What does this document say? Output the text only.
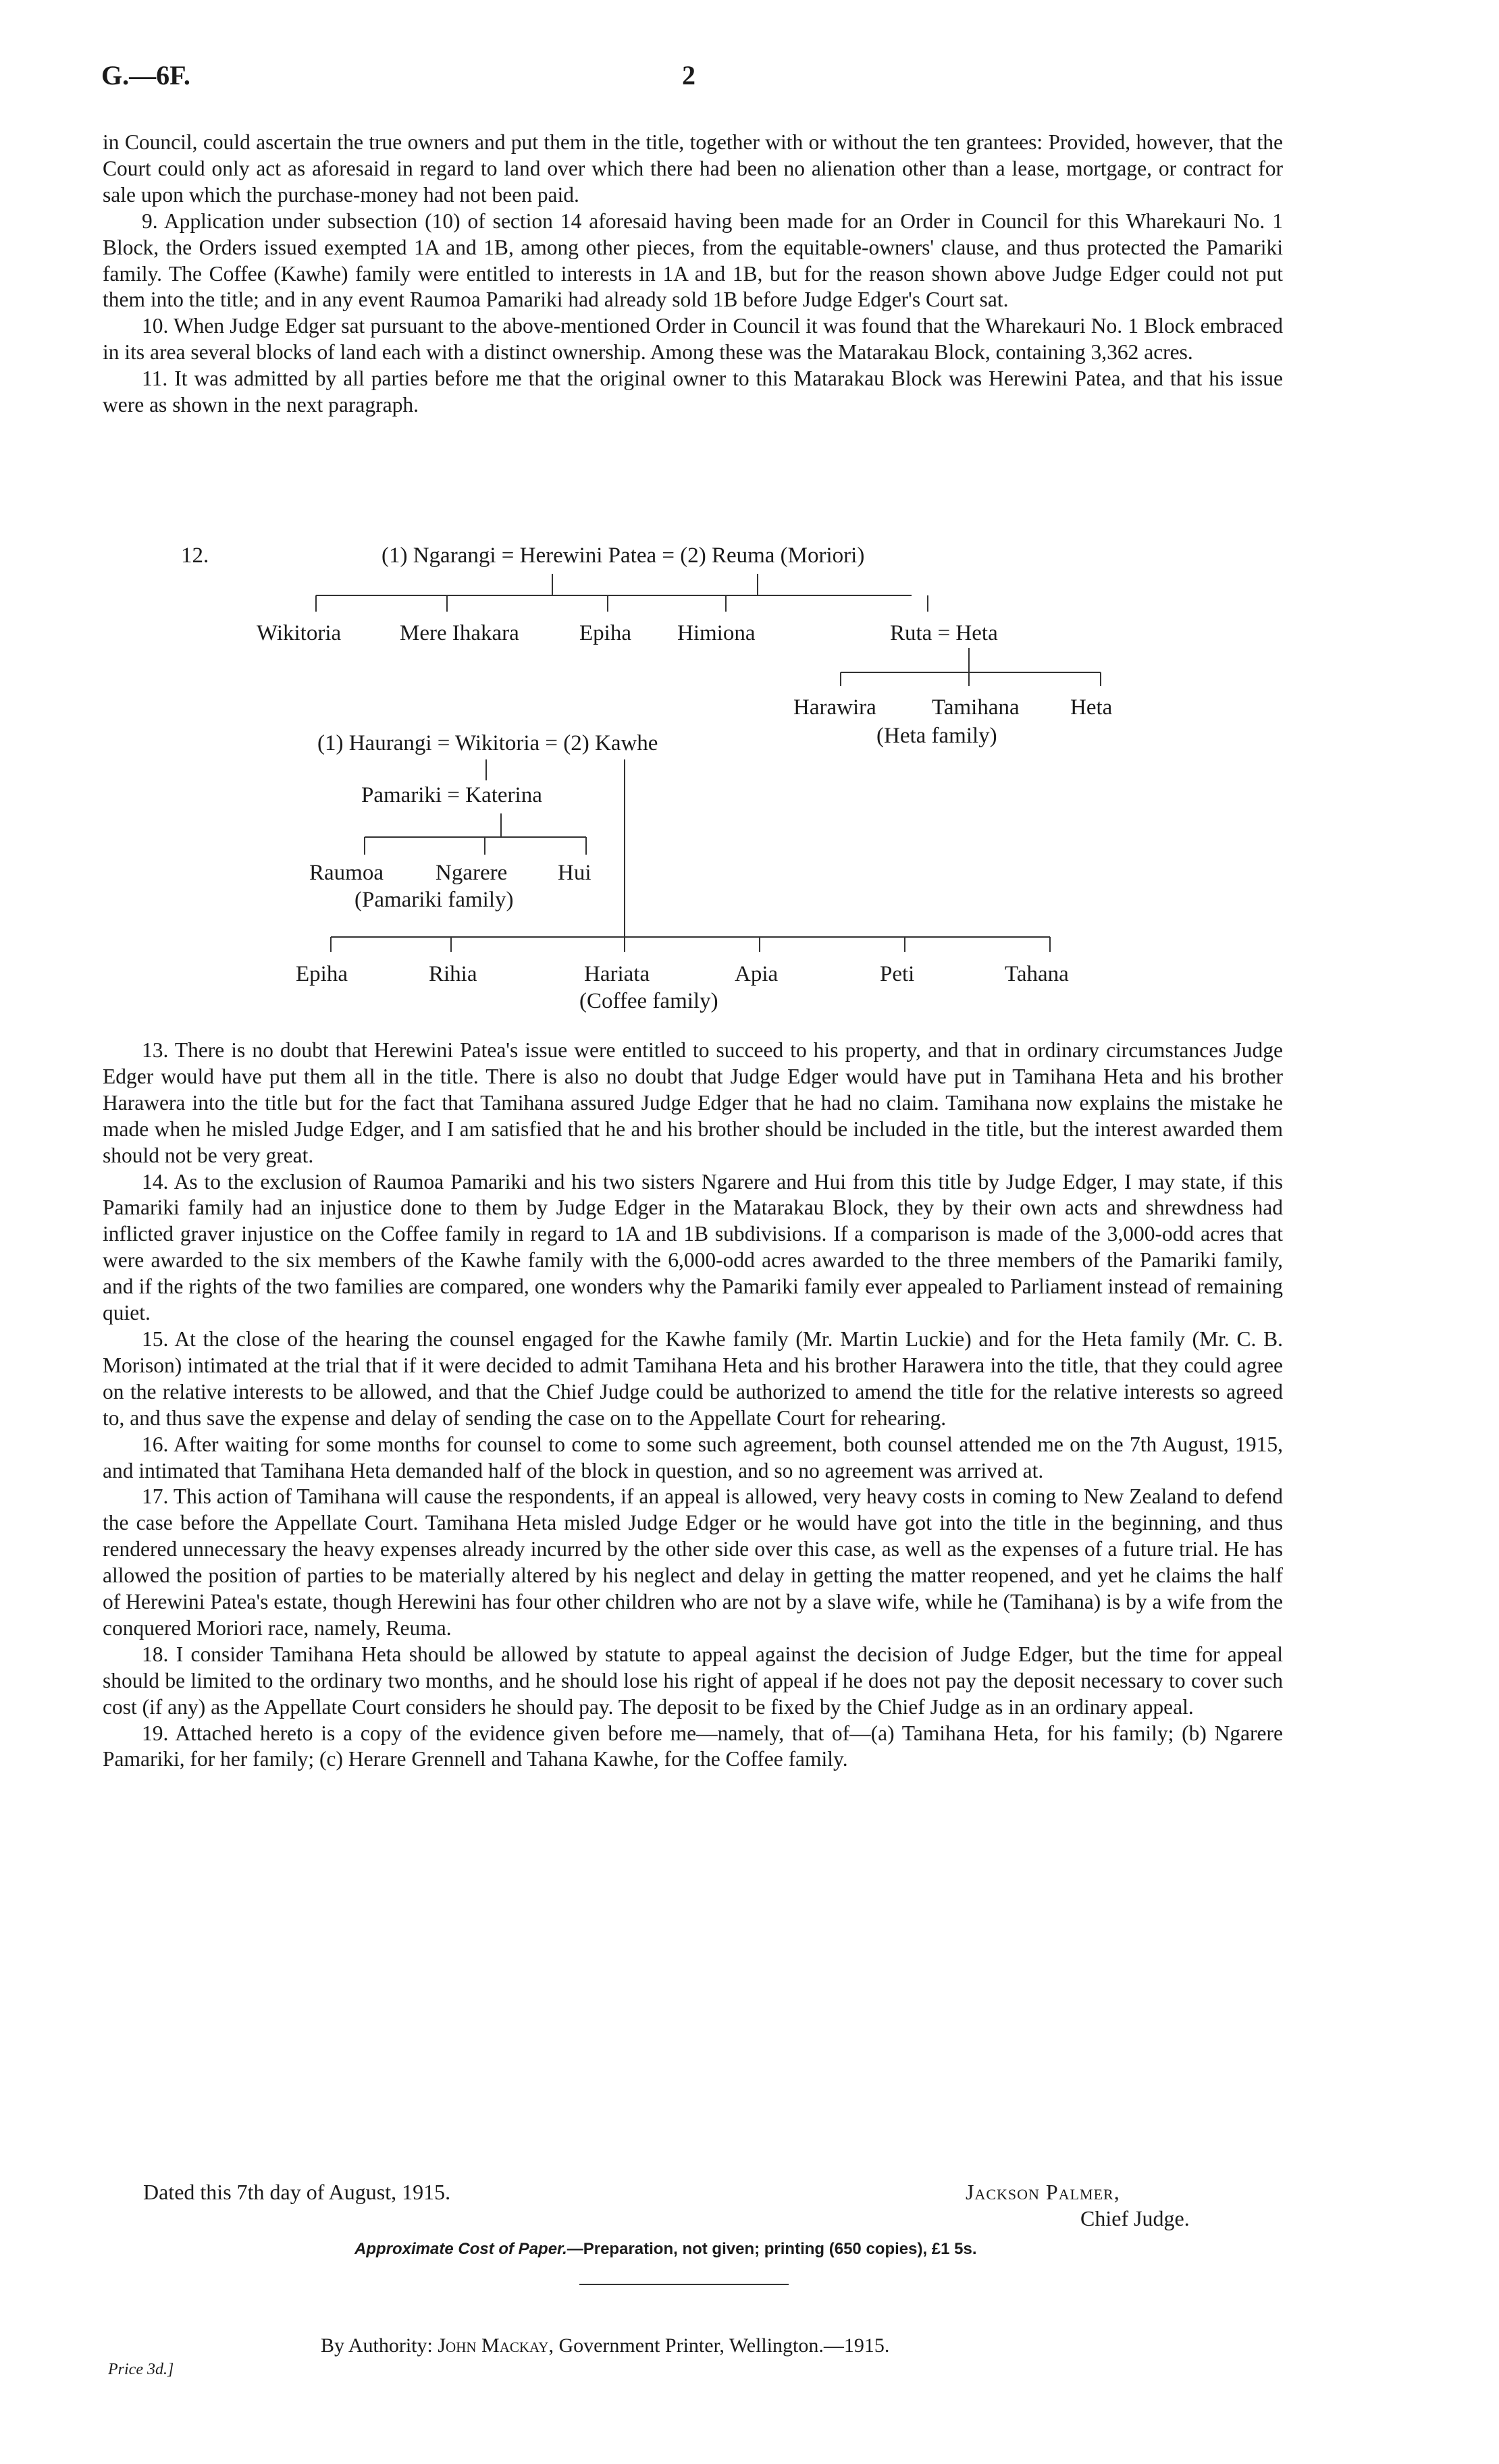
G.—6F.	2

in Council, could ascertain the true owners and put them in the title, together with or without the ten grantees: Provided, however, that the Court could only act as aforesaid in regard to land over which there had been no alienation other than a lease, mortgage, or contract for sale upon which the purchase-money had not been paid.

9. Application under subsection (10) of section 14 aforesaid having been made for an Order in Council for this Wharekauri No. 1 Block, the Orders issued exempted 1A and 1B, among other pieces, from the equitable-owners' clause, and thus protected the Pamariki family. The Coffee (Kawhe) family were entitled to interests in 1A and 1B, but for the reason shown above Judge Edger could not put them into the title; and in any event Raumoa Pamariki had already sold 1B before Judge Edger's Court sat.

10. When Judge Edger sat pursuant to the above-mentioned Order in Council it was found that the Wharekauri No. 1 Block embraced in its area several blocks of land each with a distinct ownership. Among these was the Matarakau Block, containing 3,362 acres.

11. It was admitted by all parties before me that the original owner to this Matarakau Block was Herewini Patea, and that his issue were as shown in the next paragraph.

12.	(1) Ngarangi = Herewini Patea = (2) Reuma (Moriori)
Wikitoria	Mere Ihakara	Epiha Himiona	Ruta = Heta
Harawira Tamihana Heta
(Heta family)
(1) Haurangi = Wikitoria = (2) Kawhe
Pamariki = Katerina
Raumoa Ngarere Hui
(Pamariki family)
Epiha	Rihia	Hariata	Apia	Peti	Tahana
(Coffee family)

13. There is no doubt that Herewini Patea's issue were entitled to succeed to his property, and that in ordinary circumstances Judge Edger would have put them all in the title. There is also no doubt that Judge Edger would have put in Tamihana Heta and his brother Harawera into the title but for the fact that Tamihana assured Judge Edger that he had no claim. Tamihana now explains the mistake he made when he misled Judge Edger, and I am satisfied that he and his brother should be included in the title, but the interest awarded them should not be very great.

14. As to the exclusion of Raumoa Pamariki and his two sisters Ngarere and Hui from this title by Judge Edger, I may state, if this Pamariki family had an injustice done to them by Judge Edger in the Matarakau Block, they by their own acts and shrewdness had inflicted graver injustice on the Coffee family in regard to 1A and 1B subdivisions. If a comparison is made of the 3,000-odd acres that were awarded to the six members of the Kawhe family with the 6,000-odd acres awarded to the three members of the Pamariki family, and if the rights of the two families are compared, one wonders why the Pamariki family ever appealed to Parliament instead of remaining quiet.

15. At the close of the hearing the counsel engaged for the Kawhe family (Mr. Martin Luckie) and for the Heta family (Mr. C. B. Morison) intimated at the trial that if it were decided to admit Tamihana Heta and his brother Harawera into the title, that they could agree on the relative interests to be allowed, and that the Chief Judge could be authorized to amend the title for the relative interests so agreed to, and thus save the expense and delay of sending the case on to the Appellate Court for rehearing.

16. After waiting for some months for counsel to come to some such agreement, both counsel attended me on the 7th August, 1915, and intimated that Tamihana Heta demanded half of the block in question, and so no agreement was arrived at.

17. This action of Tamihana will cause the respondents, if an appeal is allowed, very heavy costs in coming to New Zealand to defend the case before the Appellate Court. Tamihana Heta misled Judge Edger or he would have got into the title in the beginning, and thus rendered unnecessary the heavy expenses already incurred by the other side over this case, as well as the expenses of a future trial. He has allowed the position of parties to be materially altered by his neglect and delay in getting the matter reopened, and yet he claims the half of Herewini Patea's estate, though Herewini has four other children who are not by a slave wife, while he (Tamihana) is by a wife from the conquered Moriori race, namely, Reuma.

18. I consider Tamihana Heta should be allowed by statute to appeal against the decision of Judge Edger, but the time for appeal should be limited to the ordinary two months, and he should lose his right of appeal if he does not pay the deposit necessary to cover such cost (if any) as the Appellate Court considers he should pay. The deposit to be fixed by the Chief Judge as in an ordinary appeal.

19. Attached hereto is a copy of the evidence given before me—namely, that of—(a) Tamihana Heta, for his family; (b) Ngarere Pamariki, for her family; (c) Herare Grennell and Tahana Kawhe, for the Coffee family.

Dated this 7th day of August, 1915.	Jackson Palmer,
Chief Judge.
Approximate Cost of Paper.—Preparation, not given; printing (650 copies), £1 5s.
By Authority: John Mackay, Government Printer, Wellington.—1915.
Price 3d.]
